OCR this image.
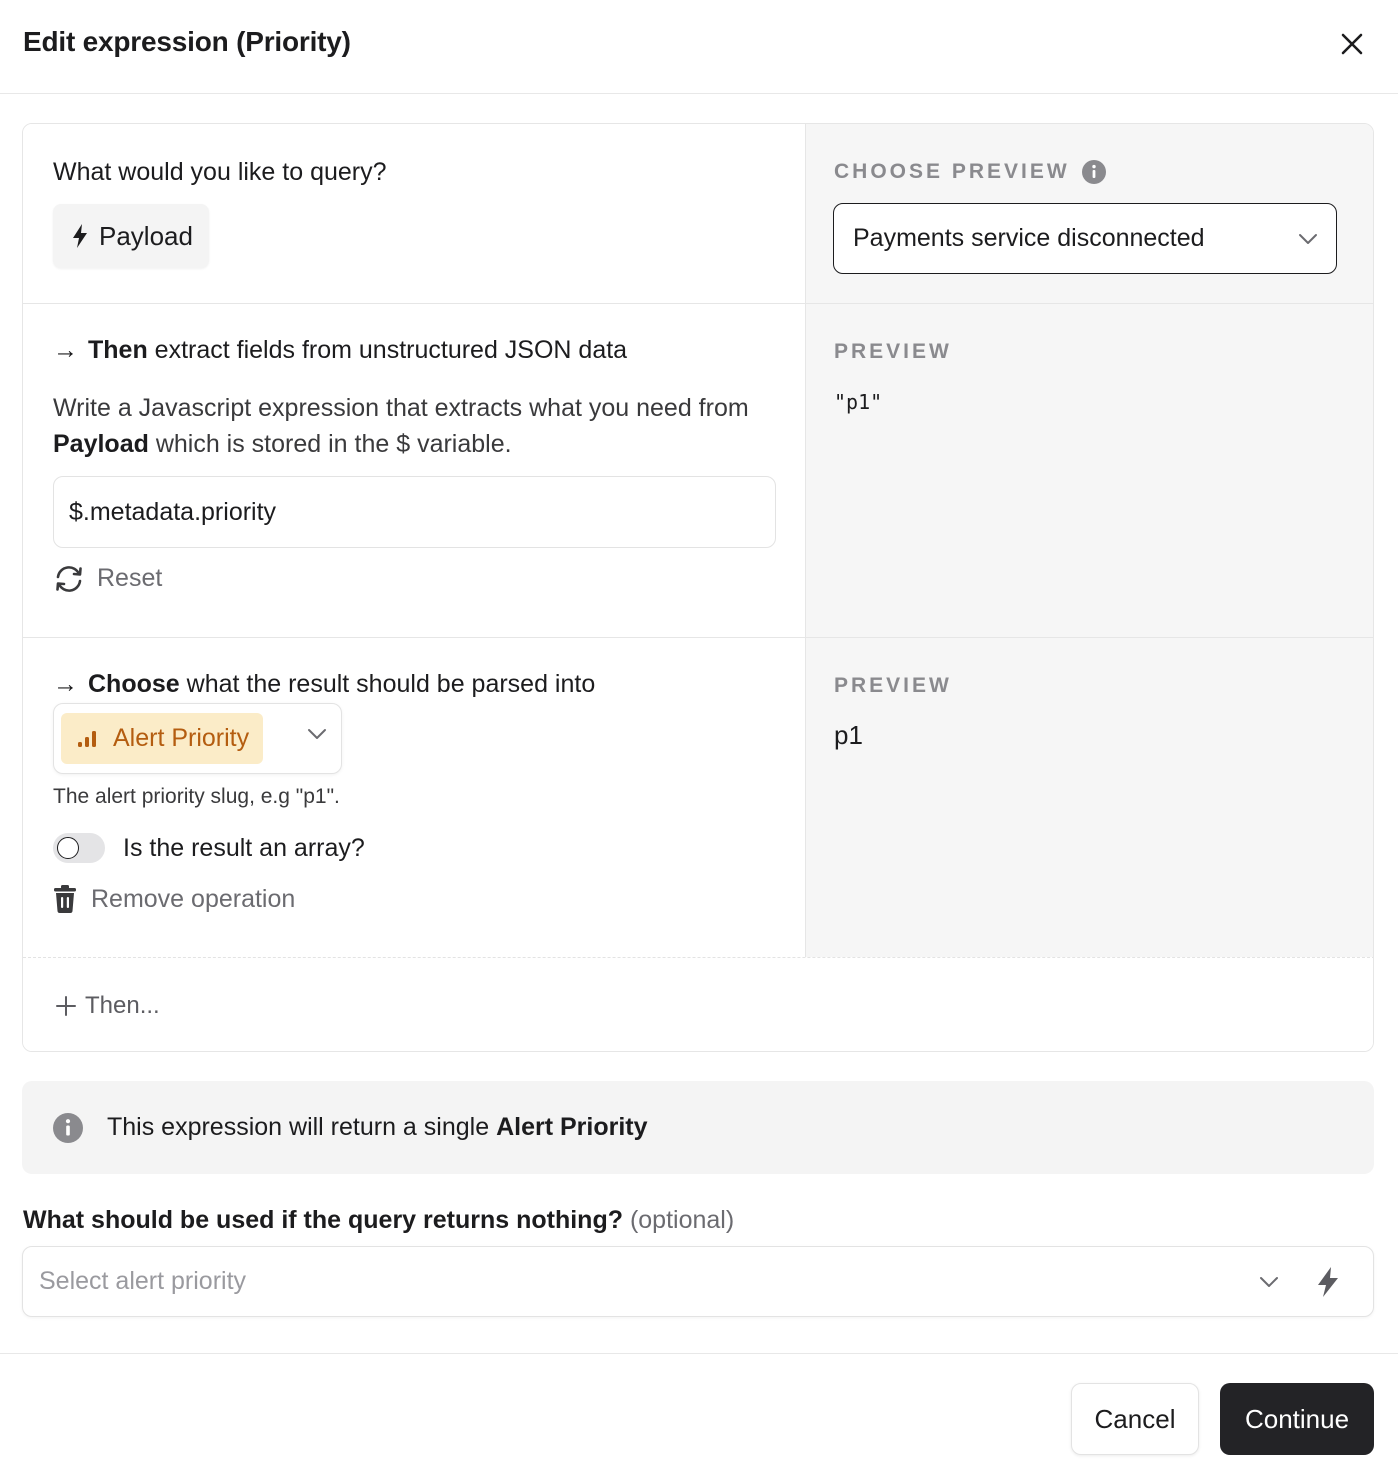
Edit expression (Priority)
What would you like to query?
Payload
CHOOSE PREVIEW
Payments service disconnected
→ Then extract fields from unstructured JSON data
Write a Javascript expression that extracts what you need from Payload which is stored in the $ variable.
$.metadata.priority
Reset
PREVIEW
"p1"
→ Choose what the result should be parsed into
Alert Priority
The alert priority slug, e.g "p1".
Is the result an array?
Remove operation
PREVIEW
p1
Then...
This expression will return a single Alert Priority
What should be used if the query returns nothing? (optional)
Select alert priority
Cancel	Continue
